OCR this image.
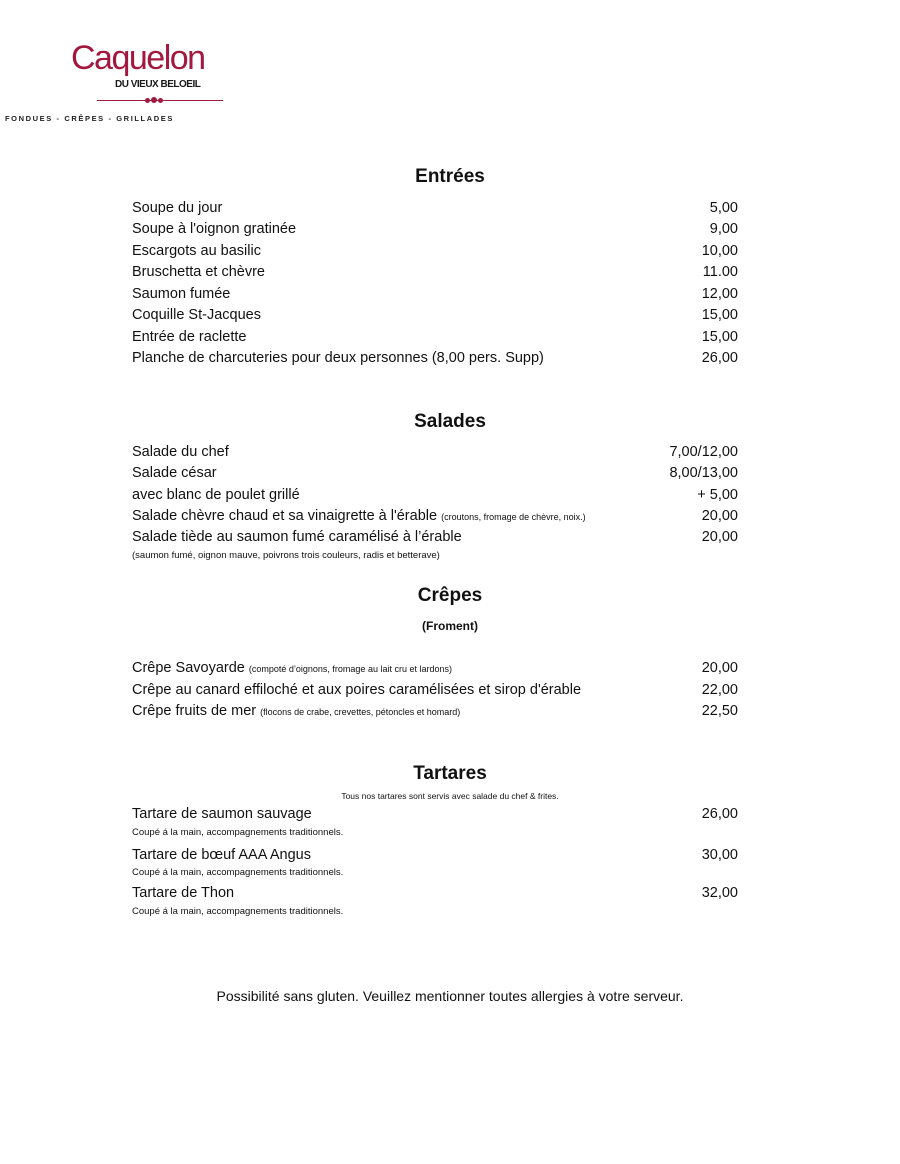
Caquelon
DU VIEUX BELOEIL
FONDUES - CRÊPES - GRILLADES
Entrées
Soupe du jour	5,00
Soupe à l'oignon gratinée	9,00
Escargots au basilic	10,00
Bruschetta et chèvre	11.00
Saumon fumée	12,00
Coquille St-Jacques	15,00
Entrée de raclette	15,00
Planche de charcuteries pour deux personnes (8,00 pers. Supp)	26,00
Salades
Salade du chef	7,00/12,00
Salade césar	8,00/13,00
avec blanc de poulet grillé	+ 5,00
Salade chèvre chaud et sa vinaigrette à l'érable (croutons, fromage de chèvre, noix.)	20,00
Salade tiède au saumon fumé caramélisé à l’érable	20,00
(saumon fumé, oignon mauve, poivrons trois couleurs, radis et betterave)
Crêpes
(Froment)
Crêpe Savoyarde (compoté d’oignons, fromage au lait cru et lardons)	20,00
Crêpe au canard effiloché et aux poires caramélisées et sirop d'érable	22,00
Crêpe fruits de mer (flocons de crabe, crevettes, pétoncles et homard)	22,50
Tartares
Tous nos tartares sont servis avec salade du chef & frites.
Tartare de saumon sauvage	26,00
Coupé á la main, accompagnements traditionnels.
Tartare de bœuf AAA Angus	30,00
Coupé á la main, accompagnements traditionnels.
Tartare de Thon	32,00
Coupé á la main, accompagnements traditionnels.
Possibilité sans gluten. Veuillez mentionner toutes allergies à votre serveur.
